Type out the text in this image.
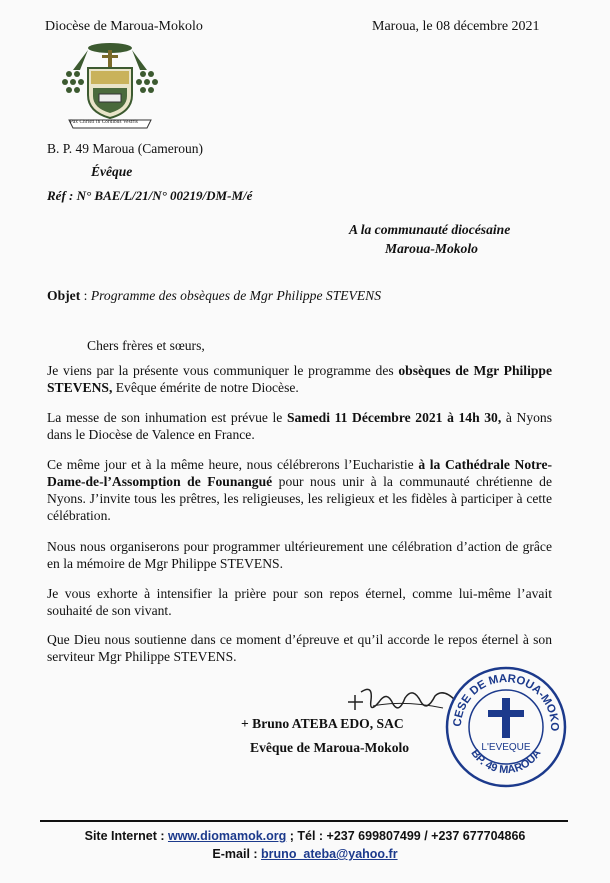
Diocèse de Maroua-Mokolo	Maroua, le 08 décembre 2021
Pax Christi in Cordibus Vestris
B. P. 49 Maroua (Cameroun)
Évêque
Réf : N° BAE/L/21/N° 00219/DM-M/é
A la communauté diocésaine
Maroua-Mokolo
Objet : Programme des obsèques de Mgr Philippe STEVENS
Chers frères et sœurs,
Je viens par la présente vous communiquer le programme des obsèques de Mgr Philippe STEVENS, Evêque émérite de notre Diocèse.
La messe de son inhumation est prévue le Samedi 11 Décembre 2021 à 14h 30, à Nyons dans le Diocèse de Valence en France.
Ce même jour et à la même heure, nous célébrerons l’Eucharistie à la Cathédrale Notre-Dame-de-l’Assomption de Founangué pour nous unir à la communauté chrétienne de Nyons. J’invite tous les prêtres, les religieuses, les religieux et les fidèles à participer à cette célébration.
Nous nous organiserons pour programmer ultérieurement une célébration d’action de grâce en la mémoire de Mgr Philippe STEVENS.
Je vous exhorte à intensifier la prière pour son repos éternel, comme lui-même l’avait souhaité de son vivant.
Que Dieu nous soutienne dans ce moment d’épreuve et qu’il accorde le repos éternel à son serviteur Mgr Philippe STEVENS.
+ Bruno ATEBA EDO, SAC
Evêque de Maroua-Mokolo
CESE DE MAROUA-MOKO
BP. 49 MAROUA
L'EVEQUE
Site Internet : www.diomamok.org ; Tél : +237 699807499 / +237 677704866
E-mail : bruno_ateba@yahoo.fr
